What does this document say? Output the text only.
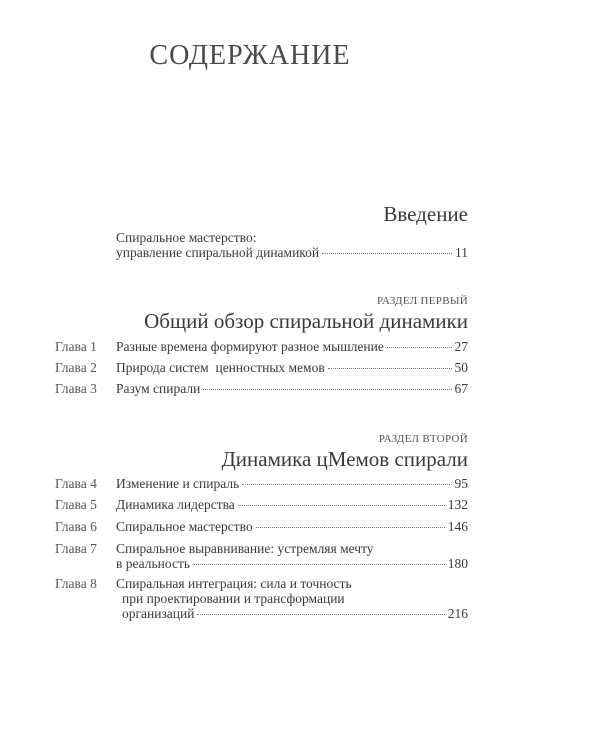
СОДЕРЖАНИЕ
Введение
Спиральное мастерство:
управление спиральной динамикой	11
РАЗДЕЛ ПЕРВЫЙ
Общий обзор спиральной динамики
Глава 1	Разные времена формируют разное мышление	27
Глава 2	Природа систем  ценностных мемов	50
Глава 3	Разум спирали	67
РАЗДЕЛ ВТОРОЙ
Динамика цМемов спирали
Глава 4	Изменение и спираль	95
Глава 5	Динамика лидерства	132
Глава 6	Спиральное мастерство	146
Глава 7	Спиральное выравнивание: устремляя мечту
в реальность	180
Глава 8	Спиральная интеграция: сила и точность
при проектировании и трансформации
организаций	216
